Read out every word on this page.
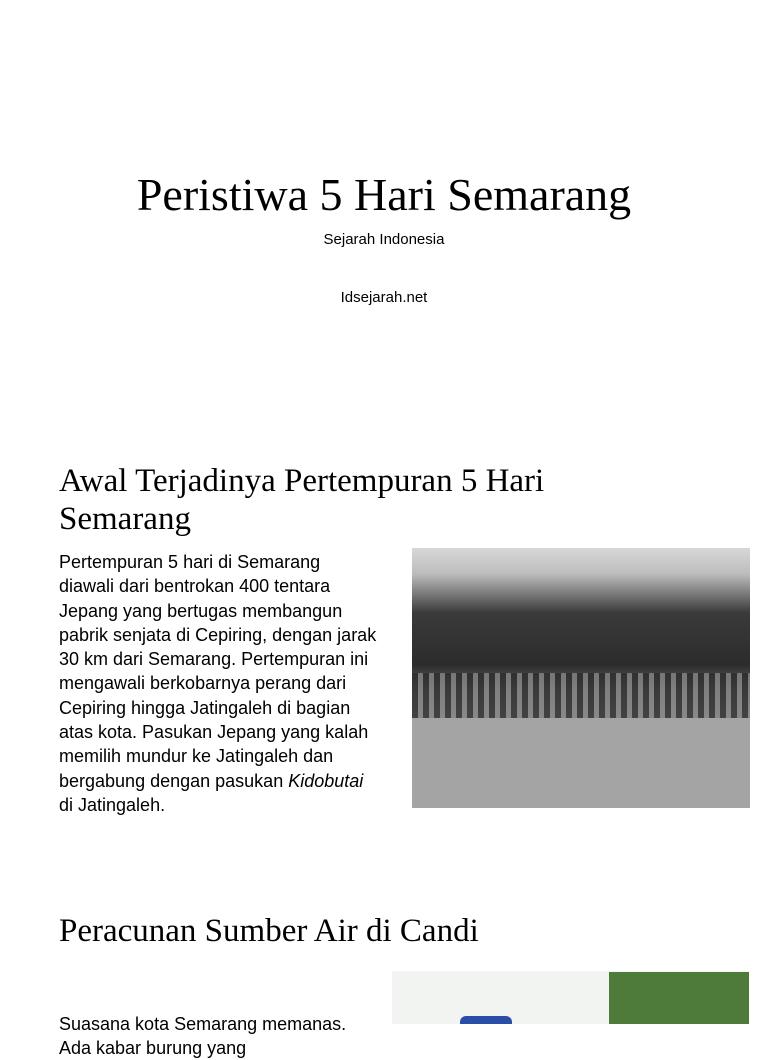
Peristiwa 5 Hari Semarang
Sejarah Indonesia
Idsejarah.net
Awal Terjadinya Pertempuran 5 Hari
Semarang
Pertempuran 5 hari di Semarang
diawali dari bentrokan 400 tentara
Jepang yang bertugas membangun
pabrik senjata di Cepiring, dengan jarak
30 km dari Semarang. Pertempuran ini
mengawali berkobarnya perang dari
Cepiring hingga Jatingaleh di bagian
atas kota. Pasukan Jepang yang kalah
memilih mundur ke Jatingaleh dan
bergabung dengan pasukan Kidobutai
di Jatingaleh.
Peracunan Sumber Air di Candi
Suasana kota Semarang memanas.
Ada kabar burung yang
